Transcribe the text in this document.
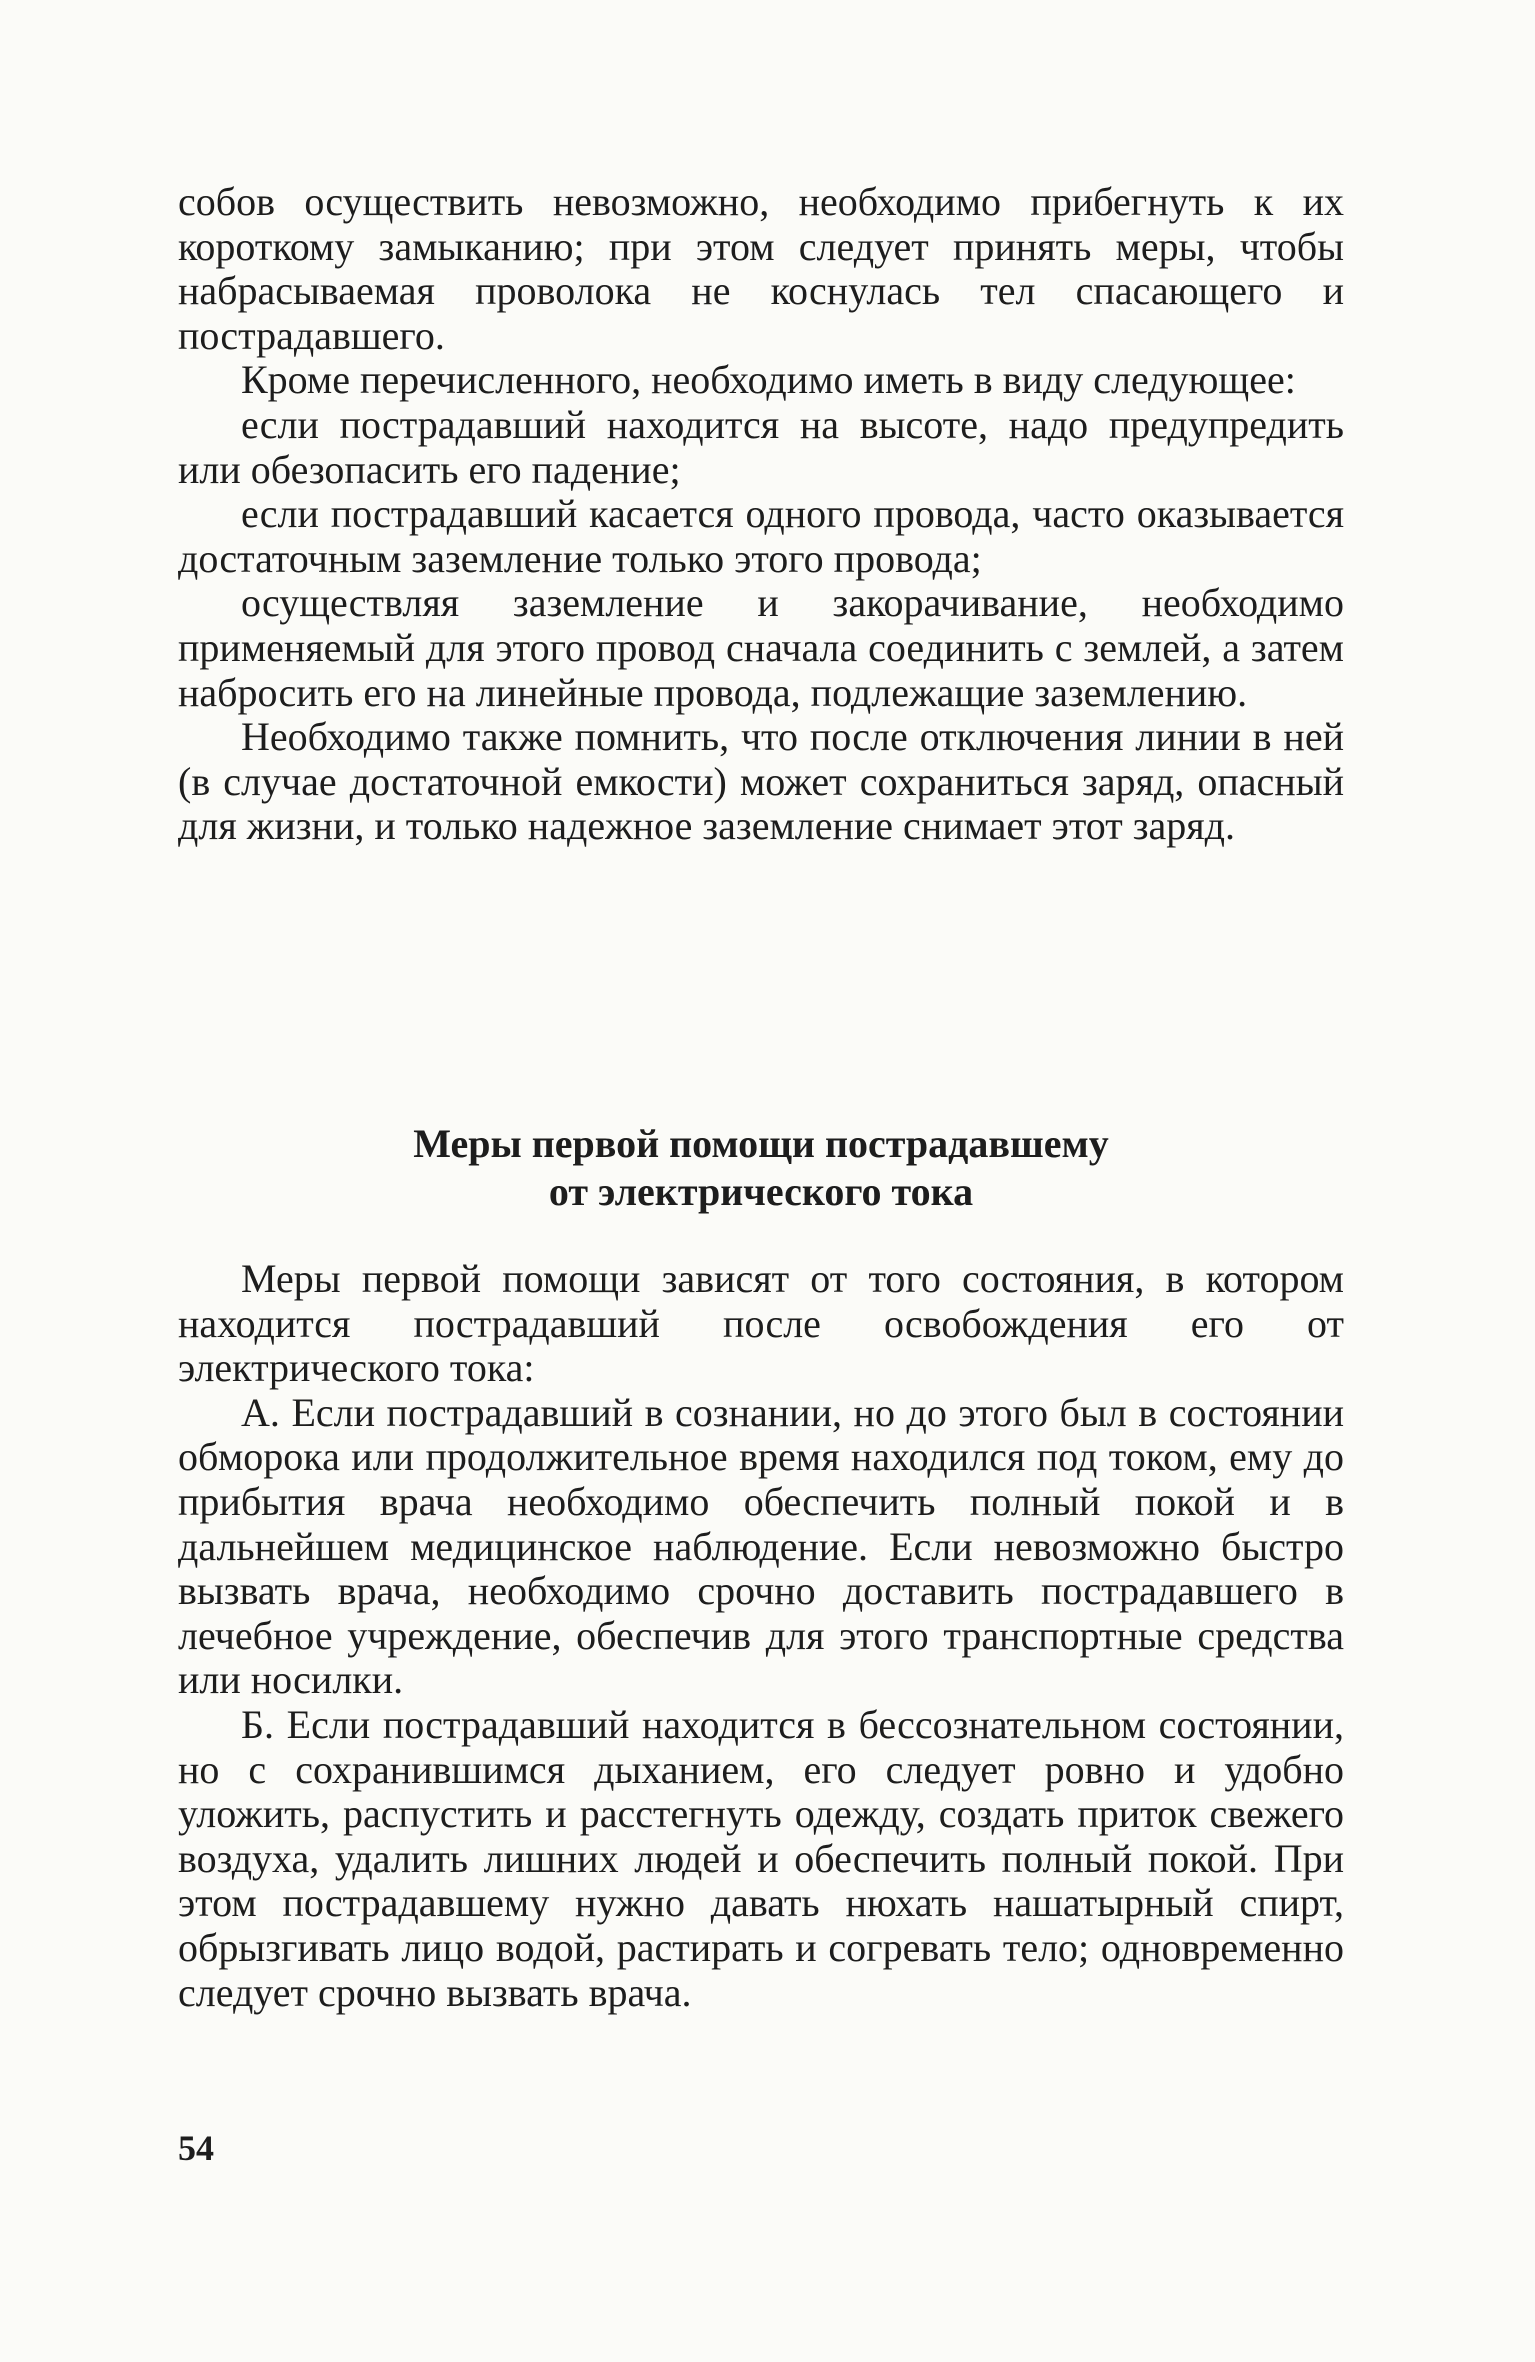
собов осуществить невозможно, необходимо прибегнуть к их короткому замыканию; при этом следует принять меры, чтобы набрасываемая проволока не коснулась тел спасающего и пострадавшего.

Кроме перечисленного, необходимо иметь в виду следующее:

если пострадавший находится на высоте, надо предупредить или обезопасить его падение;

если пострадавший касается одного провода, часто оказывается достаточным заземление только этого провода;

осуществляя заземление и закорачивание, необходимо применяемый для этого провод сначала соединить с землей, а затем набросить его на линейные провода, подлежащие заземлению.

Необходимо также помнить, что после отключения линии в ней (в случае достаточной емкости) может сохраниться заряд, опасный для жизни, и только надежное заземление снимает этот заряд.

Меры первой помощи пострадавшему
от электрического тока

Меры первой помощи зависят от того состояния, в котором находится пострадавший после освобождения его от электрического тока:

А. Если пострадавший в сознании, но до этого был в состоянии обморока или продолжительное время находился под током, ему до прибытия врача необходимо обеспечить полный покой и в дальнейшем медицинское наблюдение. Если невозможно быстро вызвать врача, необходимо срочно доставить пострадавшего в лечебное учреждение, обеспечив для этого транспортные средства или носилки.

Б. Если пострадавший находится в бессознательном состоянии, но с сохранившимся дыханием, его следует ровно и удобно уложить, распустить и расстегнуть одежду, создать приток свежего воздуха, удалить лишних людей и обеспечить полный покой. При этом пострадавшему нужно давать нюхать нашатырный спирт, обрызгивать лицо водой, растирать и согревать тело; одновременно следует срочно вызвать врача.

54
